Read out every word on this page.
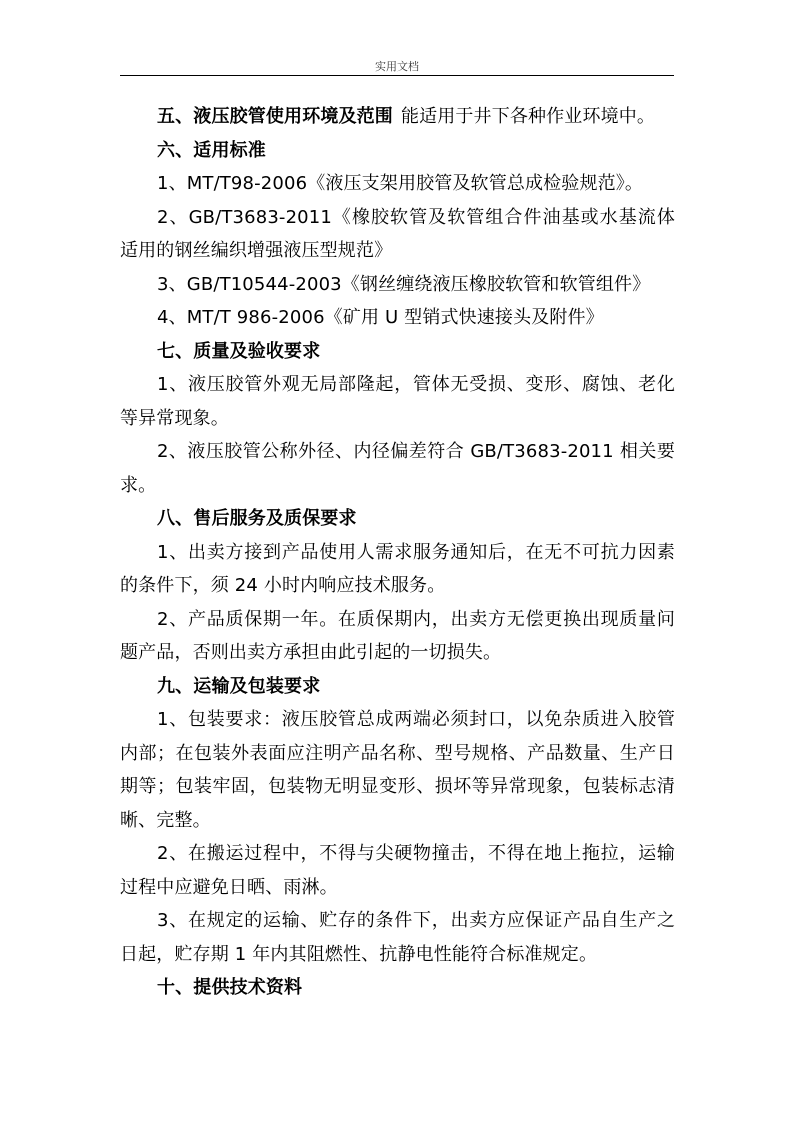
实用文档

五、液压胶管使用环境及范围 能适用于井下各种作业环境中。

六、适用标准

1、MT/T98-2006《液压支架用胶管及软管总成检验规范》。

2、GB/T3683-2011《橡胶软管及软管组合件油基或水基流体适用的钢丝编织增强液压型规范》

3、GB/T10544-2003《钢丝缠绕液压橡胶软管和软管组件》

4、MT/T 986-2006《矿用 U 型销式快速接头及附件》

七、质量及验收要求

1、液压胶管外观无局部隆起，管体无受损、变形、腐蚀、老化等异常现象。

2、液压胶管公称外径、内径偏差符合 GB/T3683-2011 相关要求。

八、售后服务及质保要求

1、出卖方接到产品使用人需求服务通知后，在无不可抗力因素的条件下，须 24 小时内响应技术服务。

2、产品质保期一年。在质保期内，出卖方无偿更换出现质量问题产品，否则出卖方承担由此引起的一切损失。

九、运输及包装要求

1、包装要求：液压胶管总成两端必须封口，以免杂质进入胶管内部；在包装外表面应注明产品名称、型号规格、产品数量、生产日期等；包装牢固，包装物无明显变形、损坏等异常现象，包装标志清晰、完整。

2、在搬运过程中，不得与尖硬物撞击，不得在地上拖拉，运输过程中应避免日晒、雨淋。

3、在规定的运输、贮存的条件下，出卖方应保证产品自生产之日起，贮存期 1 年内其阻燃性、抗静电性能符合标准规定。

十、提供技术资料
